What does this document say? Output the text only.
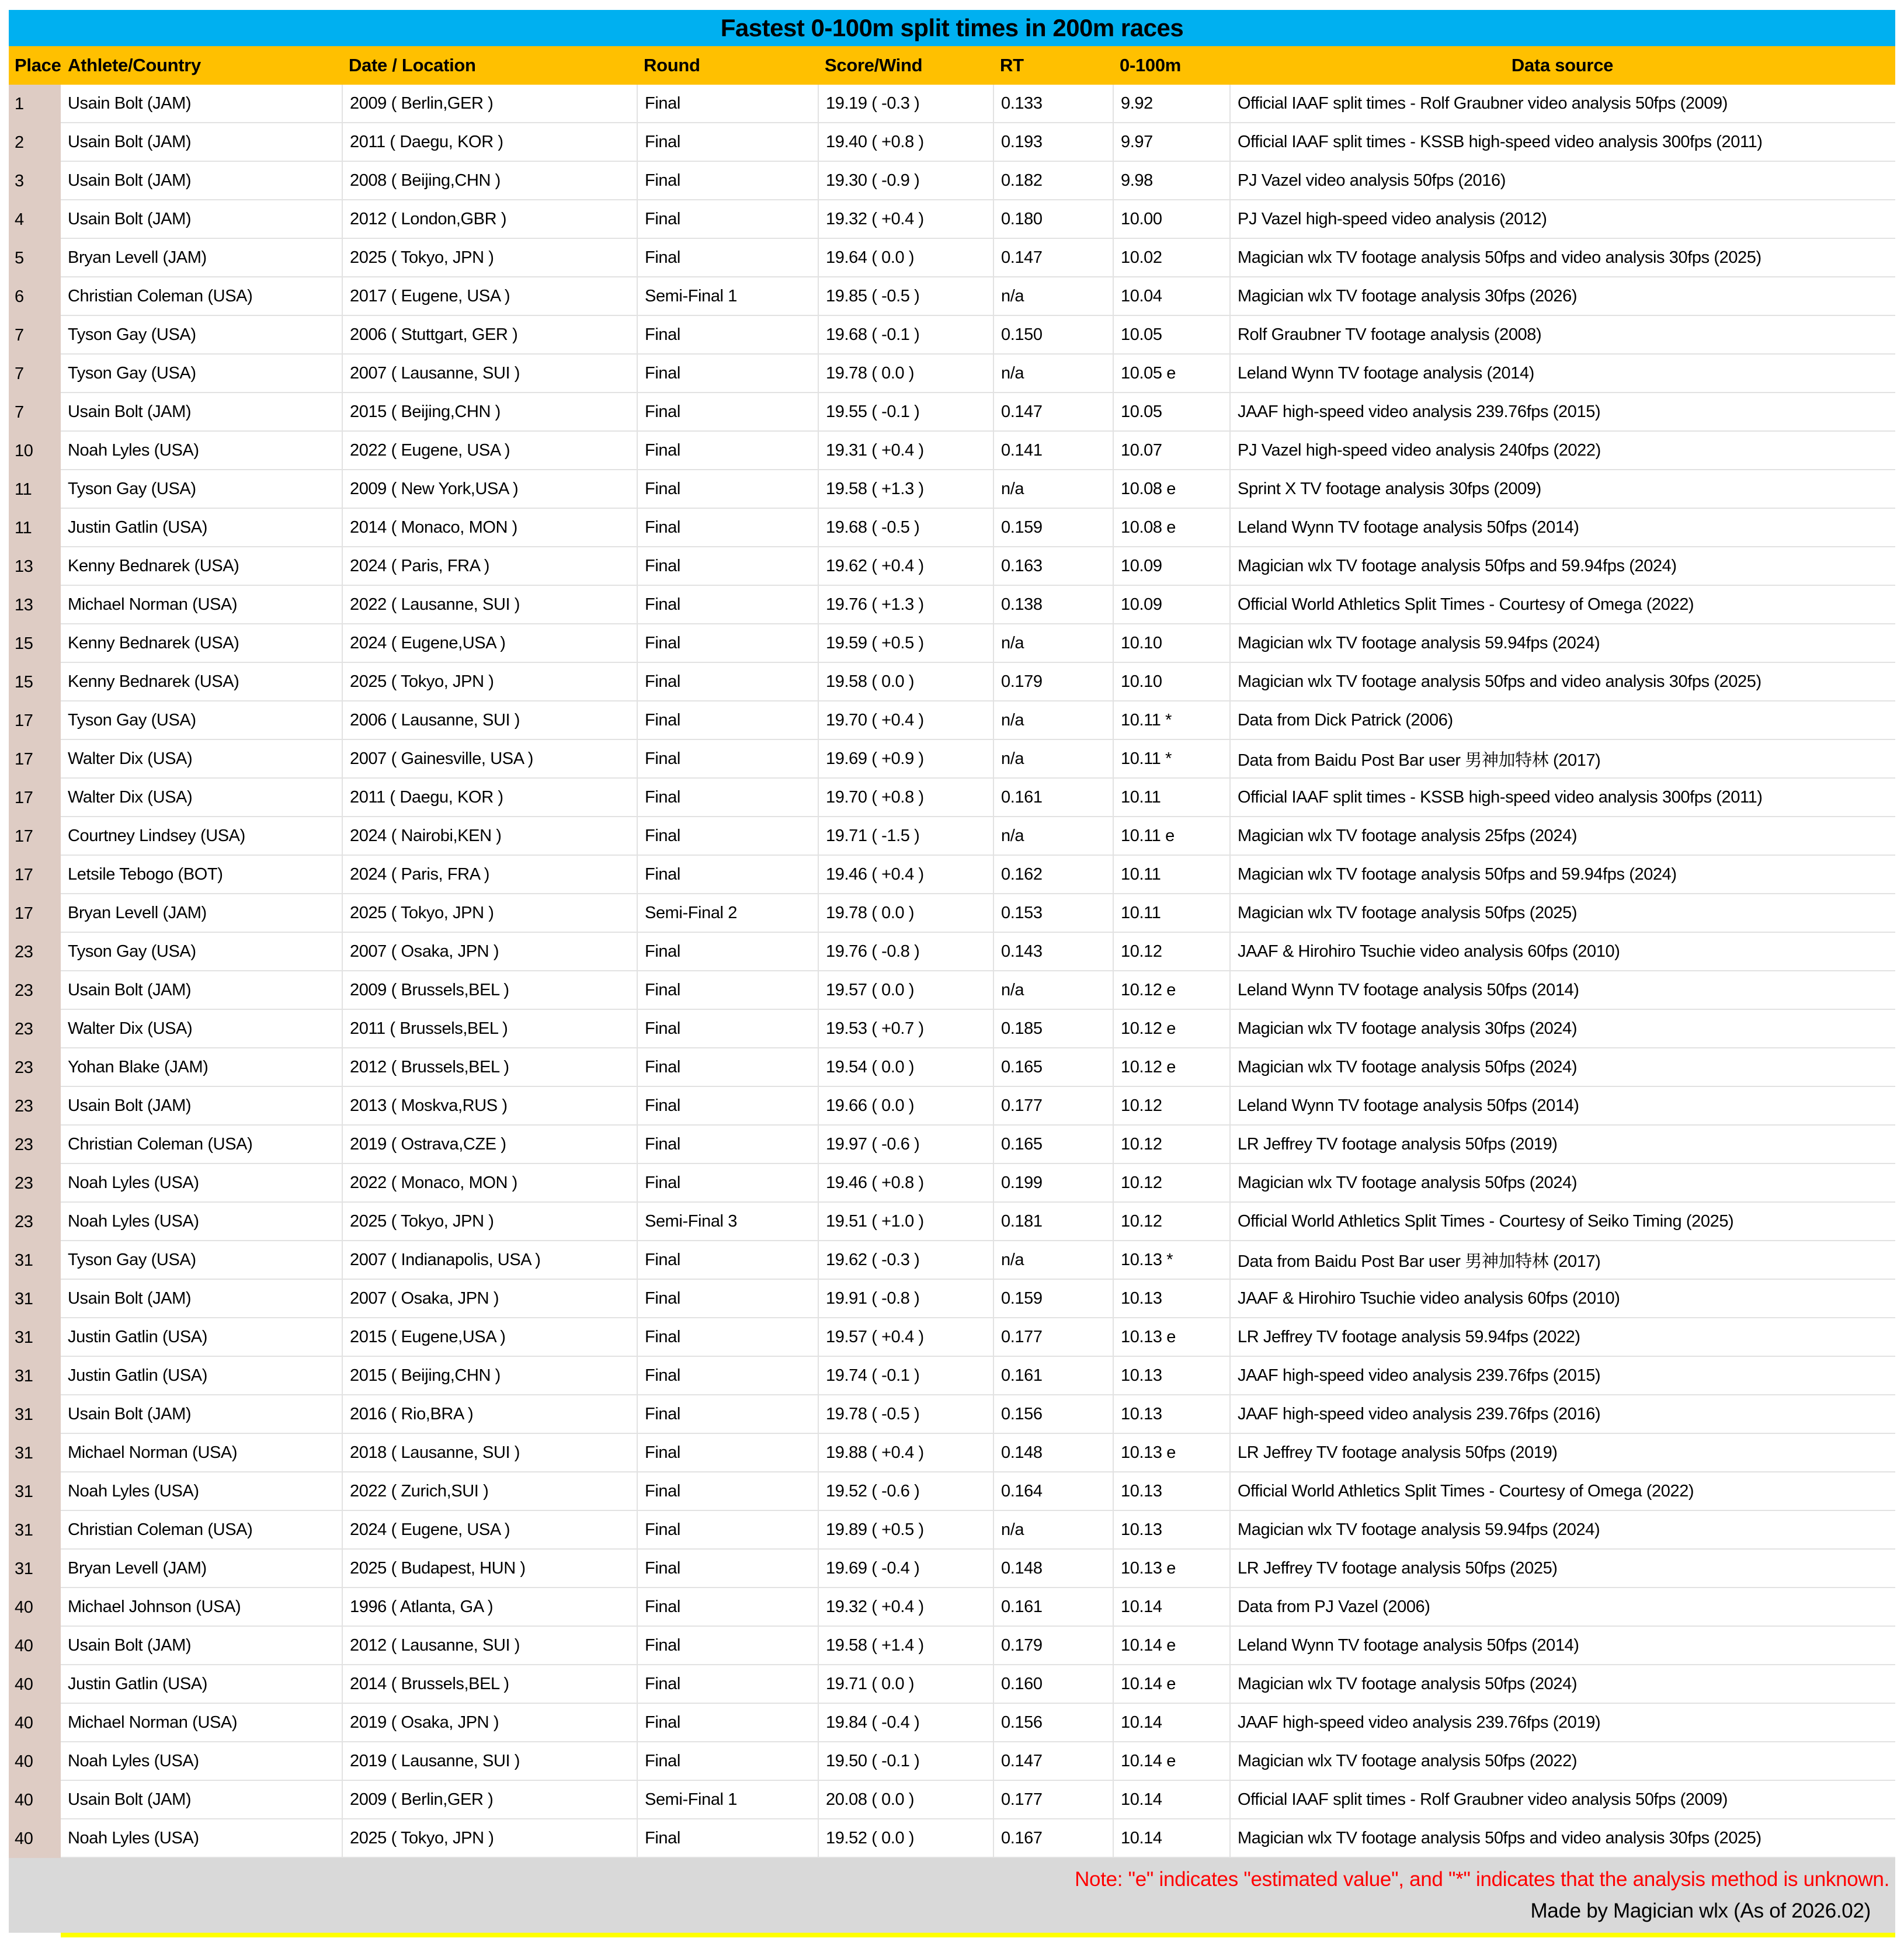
Fastest 0-100m split times in 200m races
Place Athlete/Country	Date / Location	Round	Score/Wind	RT	0-100m	Data source
1	Usain Bolt (JAM)	2009 ( Berlin,GER )	Final	19.19 ( -0.3 )	0.133	9.92	Official IAAF split times - Rolf Graubner video analysis 50fps (2009)
2	Usain Bolt (JAM)	2011 ( Daegu, KOR )	Final	19.40 ( +0.8 )	0.193	9.97	Official IAAF split times - KSSB high-speed video analysis 300fps (2011)
3	Usain Bolt (JAM)	2008 ( Beijing,CHN )	Final	19.30 ( -0.9 )	0.182	9.98	PJ Vazel video analysis 50fps (2016)
4	Usain Bolt (JAM)	2012 ( London,GBR )	Final	19.32 ( +0.4 )	0.180	10.00	PJ Vazel high-speed video analysis (2012)
5	Bryan Levell (JAM)	2025 ( Tokyo, JPN )	Final	19.64 ( 0.0 )	0.147	10.02	Magician wlx TV footage analysis 50fps and video analysis 30fps (2025)
6	Christian Coleman (USA)	2017 ( Eugene, USA )	Semi-Final 1	19.85 ( -0.5 )	n/a	10.04	Magician wlx TV footage analysis 30fps (2026)
7	Tyson Gay (USA)	2006 ( Stuttgart, GER )	Final	19.68 ( -0.1 )	0.150	10.05	Rolf Graubner TV footage analysis (2008)
7	Tyson Gay (USA)	2007 ( Lausanne, SUI )	Final	19.78 ( 0.0 )	n/a	10.05 e	Leland Wynn TV footage analysis (2014)
7	Usain Bolt (JAM)	2015 ( Beijing,CHN )	Final	19.55 ( -0.1 )	0.147	10.05	JAAF high-speed video analysis 239.76fps (2015)
10	Noah Lyles (USA)	2022 ( Eugene, USA )	Final	19.31 ( +0.4 )	0.141	10.07	PJ Vazel high-speed video analysis 240fps (2022)
11	Tyson Gay (USA)	2009 ( New York,USA )	Final	19.58 ( +1.3 )	n/a	10.08 e	Sprint X TV footage analysis 30fps (2009)
11	Justin Gatlin (USA)	2014 ( Monaco, MON )	Final	19.68 ( -0.5 )	0.159	10.08 e	Leland Wynn TV footage analysis 50fps (2014)
13	Kenny Bednarek (USA)	2024 ( Paris, FRA )	Final	19.62 ( +0.4 )	0.163	10.09	Magician wlx TV footage analysis 50fps and 59.94fps (2024)
13	Michael Norman (USA)	2022 ( Lausanne, SUI )	Final	19.76 ( +1.3 )	0.138	10.09	Official World Athletics Split Times - Courtesy of Omega (2022)
15	Kenny Bednarek (USA)	2024 ( Eugene,USA )	Final	19.59 ( +0.5 )	n/a	10.10	Magician wlx TV footage analysis 59.94fps (2024)
15	Kenny Bednarek (USA)	2025 ( Tokyo, JPN )	Final	19.58 ( 0.0 )	0.179	10.10	Magician wlx TV footage analysis 50fps and video analysis 30fps (2025)
17	Tyson Gay (USA)	2006 ( Lausanne, SUI )	Final	19.70 ( +0.4 )	n/a	10.11 *	Data from Dick Patrick (2006)
17	Walter Dix (USA)	2007 ( Gainesville, USA )	Final	19.69 ( +0.9 )	n/a	10.11 *	Data from Baidu Post Bar user 男神加特林 (2017)
17	Walter Dix (USA)	2011 ( Daegu, KOR )	Final	19.70 ( +0.8 )	0.161	10.11	Official IAAF split times - KSSB high-speed video analysis 300fps (2011)
17	Courtney Lindsey (USA)	2024 ( Nairobi,KEN )	Final	19.71 ( -1.5 )	n/a	10.11 e	Magician wlx TV footage analysis 25fps (2024)
17	Letsile Tebogo (BOT)	2024 ( Paris, FRA )	Final	19.46 ( +0.4 )	0.162	10.11	Magician wlx TV footage analysis 50fps and 59.94fps (2024)
17	Bryan Levell (JAM)	2025 ( Tokyo, JPN )	Semi-Final 2	19.78 ( 0.0 )	0.153	10.11	Magician wlx TV footage analysis 50fps (2025)
23	Tyson Gay (USA)	2007 ( Osaka, JPN )	Final	19.76 ( -0.8 )	0.143	10.12	JAAF & Hirohiro Tsuchie video analysis 60fps (2010)
23	Usain Bolt (JAM)	2009 ( Brussels,BEL )	Final	19.57 ( 0.0 )	n/a	10.12 e	Leland Wynn TV footage analysis 50fps (2014)
23	Walter Dix (USA)	2011 ( Brussels,BEL )	Final	19.53 ( +0.7 )	0.185	10.12 e	Magician wlx TV footage analysis 30fps (2024)
23	Yohan Blake (JAM)	2012 ( Brussels,BEL )	Final	19.54 ( 0.0 )	0.165	10.12 e	Magician wlx TV footage analysis 50fps (2024)
23	Usain Bolt (JAM)	2013 ( Moskva,RUS )	Final	19.66 ( 0.0 )	0.177	10.12	Leland Wynn TV footage analysis 50fps (2014)
23	Christian Coleman (USA)	2019 ( Ostrava,CZE )	Final	19.97 ( -0.6 )	0.165	10.12	LR Jeffrey TV footage analysis 50fps (2019)
23	Noah Lyles (USA)	2022 ( Monaco, MON )	Final	19.46 ( +0.8 )	0.199	10.12	Magician wlx TV footage analysis 50fps (2024)
23	Noah Lyles (USA)	2025 ( Tokyo, JPN )	Semi-Final 3	19.51 ( +1.0 )	0.181	10.12	Official World Athletics Split Times - Courtesy of Seiko Timing (2025)
31	Tyson Gay (USA)	2007 ( Indianapolis, USA )	Final	19.62 ( -0.3 )	n/a	10.13 *	Data from Baidu Post Bar user 男神加特林 (2017)
31	Usain Bolt (JAM)	2007 ( Osaka, JPN )	Final	19.91 ( -0.8 )	0.159	10.13	JAAF & Hirohiro Tsuchie video analysis 60fps (2010)
31	Justin Gatlin (USA)	2015 ( Eugene,USA )	Final	19.57 ( +0.4 )	0.177	10.13 e	LR Jeffrey TV footage analysis 59.94fps (2022)
31	Justin Gatlin (USA)	2015 ( Beijing,CHN )	Final	19.74 ( -0.1 )	0.161	10.13	JAAF high-speed video analysis 239.76fps (2015)
31	Usain Bolt (JAM)	2016 ( Rio,BRA )	Final	19.78 ( -0.5 )	0.156	10.13	JAAF high-speed video analysis 239.76fps (2016)
31	Michael Norman (USA)	2018 ( Lausanne, SUI )	Final	19.88 ( +0.4 )	0.148	10.13 e	LR Jeffrey TV footage analysis 50fps (2019)
31	Noah Lyles (USA)	2022 ( Zurich,SUI )	Final	19.52 ( -0.6 )	0.164	10.13	Official World Athletics Split Times - Courtesy of Omega (2022)
31	Christian Coleman (USA)	2024 ( Eugene, USA )	Final	19.89 ( +0.5 )	n/a	10.13	Magician wlx TV footage analysis 59.94fps (2024)
31	Bryan Levell (JAM)	2025 ( Budapest, HUN )	Final	19.69 ( -0.4 )	0.148	10.13 e	LR Jeffrey TV footage analysis 50fps (2025)
40	Michael Johnson (USA)	1996 ( Atlanta, GA )	Final	19.32 ( +0.4 )	0.161	10.14	Data from PJ Vazel (2006)
40	Usain Bolt (JAM)	2012 ( Lausanne, SUI )	Final	19.58 ( +1.4 )	0.179	10.14 e	Leland Wynn TV footage analysis 50fps (2014)
40	Justin Gatlin (USA)	2014 ( Brussels,BEL )	Final	19.71 ( 0.0 )	0.160	10.14 e	Magician wlx TV footage analysis 50fps (2024)
40	Michael Norman (USA)	2019 ( Osaka, JPN )	Final	19.84 ( -0.4 )	0.156	10.14	JAAF high-speed video analysis 239.76fps (2019)
40	Noah Lyles (USA)	2019 ( Lausanne, SUI )	Final	19.50 ( -0.1 )	0.147	10.14 e	Magician wlx TV footage analysis 50fps (2022)
40	Usain Bolt (JAM)	2009 ( Berlin,GER )	Semi-Final 1	20.08 ( 0.0 )	0.177	10.14	Official IAAF split times - Rolf Graubner video analysis 50fps (2009)
40	Noah Lyles (USA)	2025 ( Tokyo, JPN )	Final	19.52 ( 0.0 )	0.167	10.14	Magician wlx TV footage analysis 50fps and video analysis 30fps (2025)
Note: "e" indicates "estimated value", and "*" indicates that the analysis method is unknown.
Made by Magician wlx (As of 2026.02)
